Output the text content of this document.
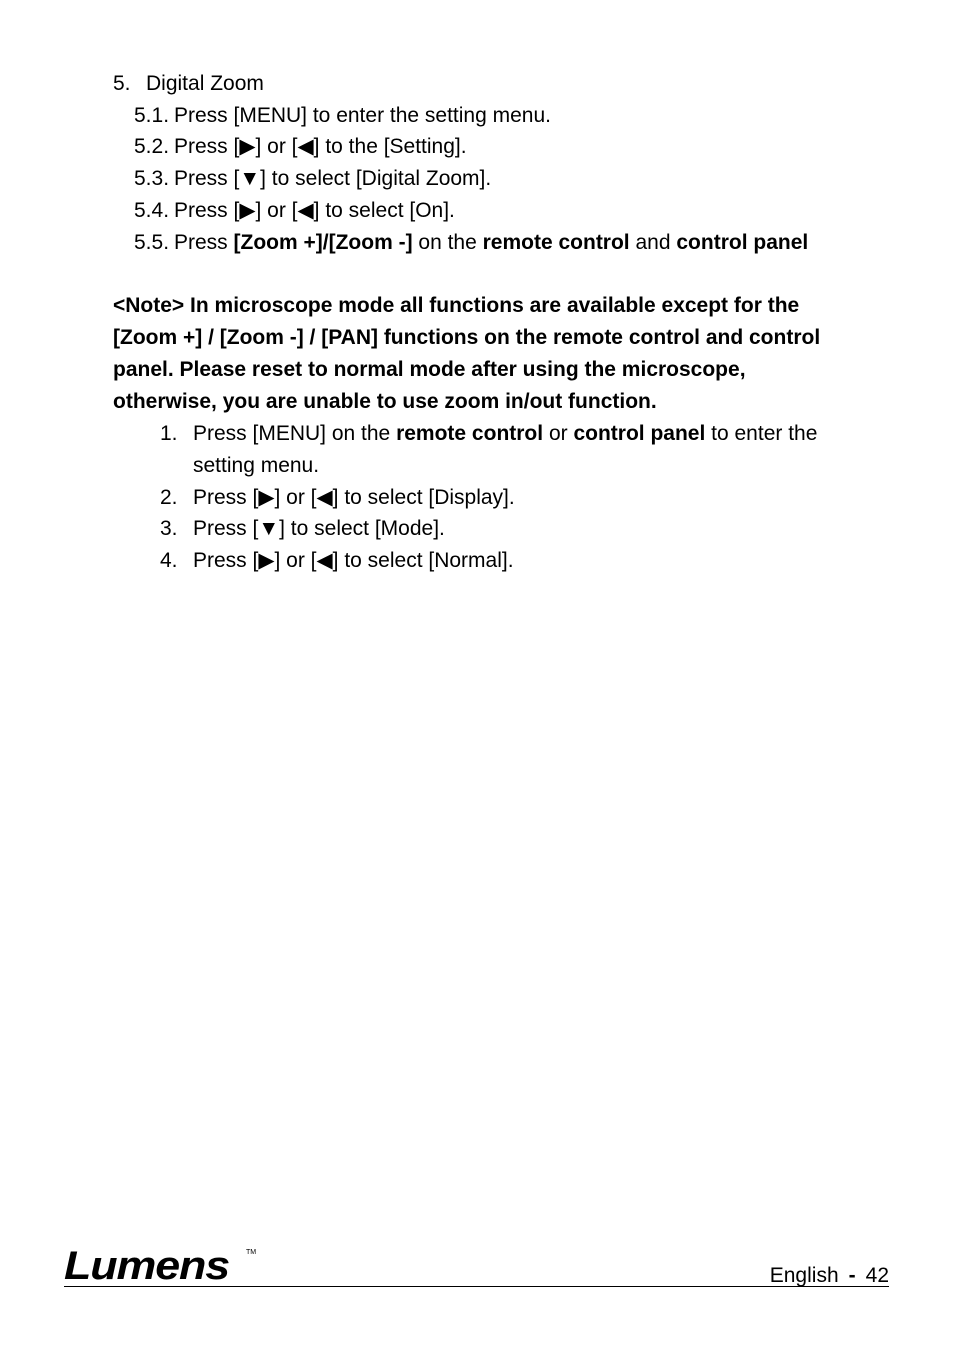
5. Digital Zoom
5.1. Press [MENU] to enter the setting menu.
5.2. Press [▶] or [◀] to the [Setting].
5.3. Press [▼] to select [Digital Zoom].
5.4. Press [▶] or [◀] to select [On].
5.5. Press [Zoom +]/[Zoom -] on the remote control and control panel
<Note> In microscope mode all functions are available except for the
[Zoom +] / [Zoom -] / [PAN] functions on the remote control and control
panel. Please reset to normal mode after using the microscope,
otherwise, you are unable to use zoom in/out function.
1. Press [MENU] on the remote control or control panel to enter the
setting menu.
2. Press [▶] or [◀] to select [Display].
3. Press [▼] to select [Mode].
4. Press [▶] or [◀] to select [Normal].
Lumens TM
English - 42
